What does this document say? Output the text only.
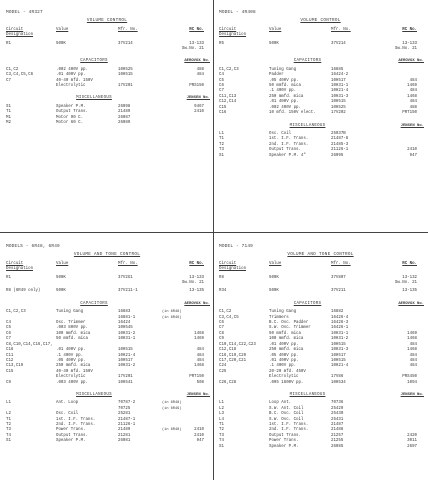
MODEL - 4R327
VOLUME CONTROL
Circuit
Designation
Value	Mfr. No.	RC No.
R1	500K	37V214	13-133 Sw.No. 21
CAPACITORS	AEROVOX No.
C1,C2	.002 400V pp.	10H525	488
C3,C4,C5,C6	.01 400V pp.	10H515	484
C7	40-40 mfd. 150V
Electrolytic	17V201	PRS150
MISCELLANEOUS	JENSEN No.
S1	Speaker P.M.	26098	9467
T1	Output Trans.	21489	2410
M1	Motor 90 C.	26087
M2	Motor 60 C.	26089
MODEL - 4R408
VOLUME CONTROL
Circuit
Designation
Value	Mfr. No.	RC No.
R5	500K	37V214	13-133 Sw.No. 21
CAPACITORS	AEROVOX No.
C1,C2,C3	Tuning Gang	16885
C4	Padder	16424-2
C5	.05 400V pp.	10H517	484
C6	50 mmfd. mica	10H31-1	1469
C7	.1 400V pp.	10H21-4	484
C11,C13	250 mmfd. mica	10H31-3	1468
C12,C14	.01 400V pp.	10H515	484
C15	.002 400V pp.	10H525	488
C16	10 mfd. 150V elect.	17V202	PRT150
MISCELLANEOUS	JENSEN No.
L1	Osc. Coil	25037B
T1	1st. I.F. Trans.	21487-8
T2	2nd. I.F. Trans.	21485-3
T3	Output Trans.	21126-1	2410
S1	Speaker P.M. 4"	26095	947
MODELS - 6R48, 6R49
VOLUME AND TONE CONTROL
Circuit
Designation
Value	Mfr. No.	RC No.
R1	500K	37V2G1	13-133 Sw.No. 21
R8 (6R49 only)	500K	37V211-1	13-135
CAPACITORS	AEROVOX No.
C1,C2,C3	Tuning Gang	16883	(in 6R48)
16881-1	(in 6R49)
C4	Osc. Trimmer	16424
C5	.003 800V pp.	10H545
C6	100 mmfd. mica	10H31-2	1468
C7	50 mmfd. mica	10H31-1	1469
C8,C10,C14,C16,C17,
C18	.01 400V pp.	10H515	484
C11	.1 400V pp.	10H21-4	484
C12	.05 400V pp.	10H517	484
C13,C19	250 mmfd. mica	10H31-2	1468
C15	40-40 mfd. 150V
Electrolytic	17V201	PRT150
C9	.003 400V pp.	10H541	508
MISCELLANEOUS	JENSEN No.
L1	Ant. Loop	70787-2	(in 6R48)
70725	(in 6R49)
L2	Osc. Coil	25281
T1	1st. I.F. Trans.	21487-1
T2	2nd. I.F. Trans.	21126-1
T3	Power Trans.	21489	(in 6R48)	2410
T4	Output Trans.	21281	2410
S1	Speaker P.M.	26081	947
MODEL - 7149
VOLUME AND TONE CONTROL
Circuit
Designation
Value	Mfr. No.	RC No.
R8	500K	37V807	13-132 Sw.No. 21
R34	500K	37V211	13-135
CAPACITORS	AEROVOX No.
C1,C2	Tuning Gang	16882
C3,C4,C5	Trimmers	16426-4
C6	B.C. Osc. Padder	16426-3
C7	S.W. Osc. Trimmer	16426-1
C8	50 mmfd. mica	10H31-1	1469
C9	100 mmfd. mica	10H31-2	1468
C10,C14,C22,C23	.01 400V pp.	10H515	484
C12,C18	250 mmfd. mica	10H31-3	1468
C16,C19,C20	.05 400V pp.	10H517	484
C17,C20,C21	.01 400V pp.	10H515	484
C24	.1 400V pp.	10H21-4	484
C25	20-20 mfd. 450V
Electrolytic	17V86	PRS450
C26,C28	.005 1600V pp.	10H534	1094
MISCELLANEOUS	JENSEN No.
L1	Loop Ant.	70736
L2	S.W. Ant. Coil	25429
L3	B.C. Osc. Coil	25430
L4	S.W. Osc. Coil	25431
T1	1st. I.F. Trans.	21487
T2	2nd. I.F. Trans.	21488
T3	Output Trans.	21257	2420
T4	Power Trans.	21255	3011
S1	Speaker P.M.	26085	2697
